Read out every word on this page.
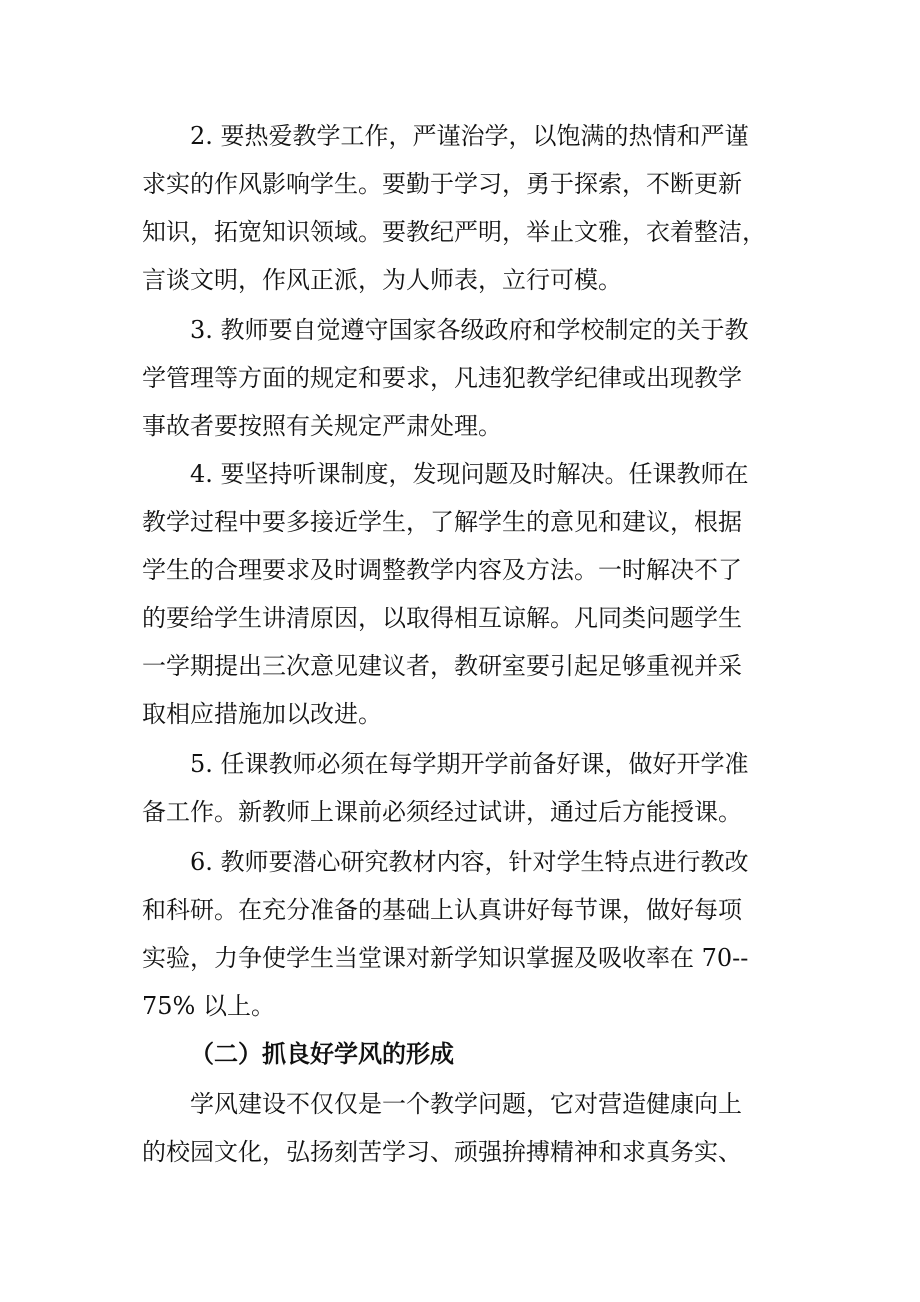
2. 要热爱教学工作，严谨治学，以饱满的热情和严谨
求实的作风影响学生。要勤于学习，勇于探索，不断更新
知识，拓宽知识领域。要教纪严明，举止文雅，衣着整洁，
言谈文明，作风正派，为人师表，立行可模。
3. 教师要自觉遵守国家各级政府和学校制定的关于教
学管理等方面的规定和要求，凡违犯教学纪律或出现教学
事故者要按照有关规定严肃处理。
4. 要坚持听课制度，发现问题及时解决。任课教师在
教学过程中要多接近学生，了解学生的意见和建议，根据
学生的合理要求及时调整教学内容及方法。一时解决不了
的要给学生讲清原因，以取得相互谅解。凡同类问题学生
一学期提出三次意见建议者，教研室要引起足够重视并采
取相应措施加以改进。
5. 任课教师必须在每学期开学前备好课，做好开学准
备工作。新教师上课前必须经过试讲，通过后方能授课。
6. 教师要潜心研究教材内容，针对学生特点进行教改
和科研。在充分准备的基础上认真讲好每节课，做好每项
实验，力争使学生当堂课对新学知识掌握及吸收率在 70--
75% 以上。
（二）抓良好学风的形成
学风建设不仅仅是一个教学问题，它对营造健康向上
的校园文化，弘扬刻苦学习、顽强拚搏精神和求真务实、
